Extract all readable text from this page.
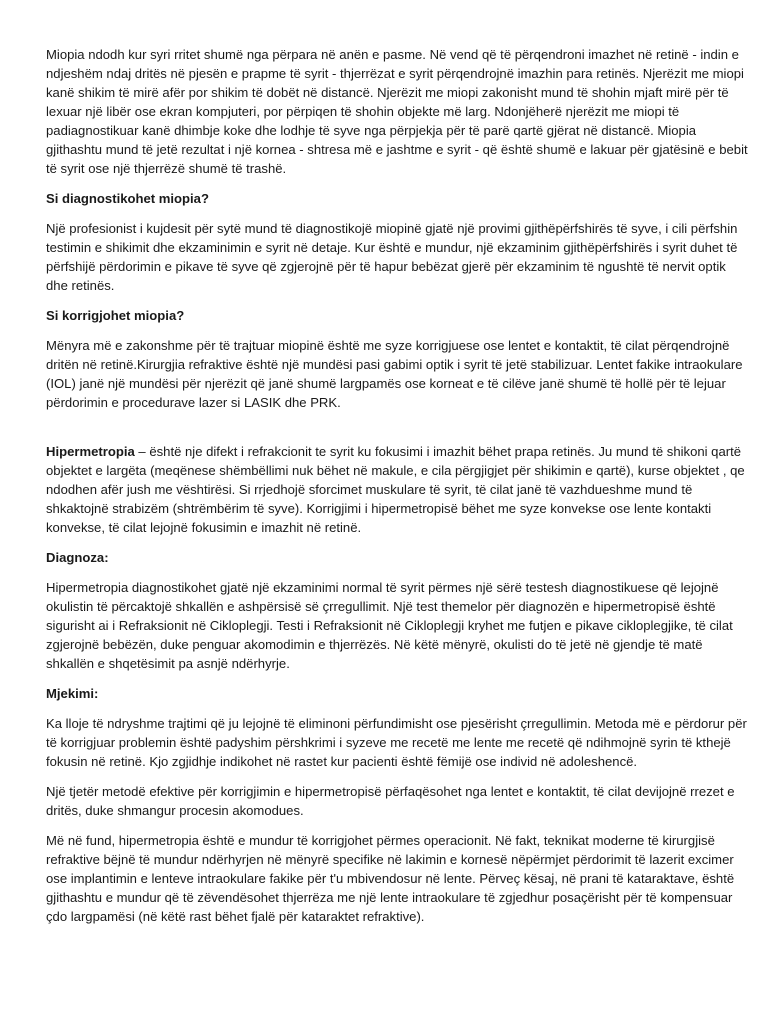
Miopia ndodh kur syri rritet shumë nga përpara në anën e pasme. Në vend që të përqendroni imazhet në retinë - indin e ndjeshëm ndaj dritës në pjesën e prapme të syrit - thjerrëzat e syrit përqendrojnë imazhin para retinës. Njerëzit me miopi kanë shikim të mirë afër por shikim të dobët në distancë. Njerëzit me miopi zakonisht mund të shohin mjaft mirë për të lexuar një libër ose ekran kompjuteri, por përpiqen të shohin objekte më larg. Ndonjëherë njerëzit me miopi të padiagnostikuar kanë dhimbje koke dhe lodhje të syve nga përpjekja për të parë qartë gjërat në distancë. Miopia gjithashtu mund të jetë rezultat i një kornea - shtresa më e jashtme e syrit - që është shumë e lakuar për gjatësinë e bebit të syrit ose një thjerrëzë shumë të trashë.

Si diagnostikohet miopia?

Një profesionist i kujdesit për sytë mund të diagnostikojë miopinë gjatë një provimi gjithëpërfshirës të syve, i cili përfshin testimin e shikimit dhe ekzaminimin e syrit në detaje. Kur është e mundur, një ekzaminim gjithëpërfshirës i syrit duhet të përfshijë përdorimin e pikave të syve që zgjerojnë për të hapur bebëzat gjerë për ekzaminim të ngushtë të nervit optik dhe retinës.

Si korrigjohet miopia?

Mënyra më e zakonshme për të trajtuar miopinë është me syze korrigjuese ose lentet e kontaktit, të cilat përqendrojnë dritën në retinë.Kirurgjia refraktive është një mundësi pasi gabimi optik i syrit të jetë stabilizuar. Lentet fakike intraokulare (IOL) janë një mundësi për njerëzit që janë shumë largpamës ose korneat e të cilëve janë shumë të hollë për të lejuar përdorimin e procedurave lazer si LASIK dhe PRK.

Hipermetropia – është nje difekt i refrakcionit te syrit ku fokusimi i imazhit bëhet prapa retinës. Ju mund të shikoni qartë objektet e largëta (meqënese shëmbëllimi nuk bëhet në makule, e cila përgjigjet për shikimin e qartë), kurse objektet , qe ndodhen afër jush me vështirësi. Si rrjedhojë sforcimet muskulare të syrit, të cilat janë të vazhdueshme mund të shkaktojnë strabizëm (shtrëmbërim të syve). Korrigjimi i hipermetropisë bëhet me syze konvekse ose lente kontakti konvekse, të cilat lejojnë fokusimin e imazhit në retinë.

Diagnoza:

Hipermetropia diagnostikohet gjatë një ekzaminimi normal të syrit përmes një sërë testesh diagnostikuese që lejojnë okulistin të përcaktojë shkallën e ashpërsisë së çrregullimit. Një test themelor për diagnozën e hipermetropisë është sigurisht ai i Refraksionit në Cikloplegji. Testi i Refraksionit në Cikloplegji kryhet me futjen e pikave cikloplegjike, të cilat zgjerojnë bebëzën, duke penguar akomodimin e thjerrëzës. Në këtë mënyrë, okulisti do të jetë në gjendje të matë shkallën e shqetësimit pa asnjë ndërhyrje.

Mjekimi:

Ka lloje të ndryshme trajtimi që ju lejojnë të eliminoni përfundimisht ose pjesërisht çrregullimin. Metoda më e përdorur për të korrigjuar problemin është padyshim përshkrimi i syzeve me recetë me lente me recetë që ndihmojnë syrin të kthejë fokusin në retinë. Kjo zgjidhje indikohet në rastet kur pacienti është fëmijë ose individ në adoleshencë.

Një tjetër metodë efektive për korrigjimin e hipermetropisë përfaqësohet nga lentet e kontaktit, të cilat devijojnë rrezet e dritës, duke shmangur procesin akomodues.

Më në fund, hipermetropia është e mundur të korrigjohet përmes operacionit. Në fakt, teknikat moderne të kirurgjisë refraktive bëjnë të mundur ndërhyrjen në mënyrë specifike në lakimin e kornesë nëpërmjet përdorimit të lazerit excimer ose implantimin e lenteve intraokulare fakike për t'u mbivendosur në lente. Përveç kësaj, në prani të kataraktave, është gjithashtu e mundur që të zëvendësohet thjerrëza me një lente intraokulare të zgjedhur posaçërisht për të kompensuar çdo largpamësi (në këtë rast bëhet fjalë për kataraktet refraktive).
